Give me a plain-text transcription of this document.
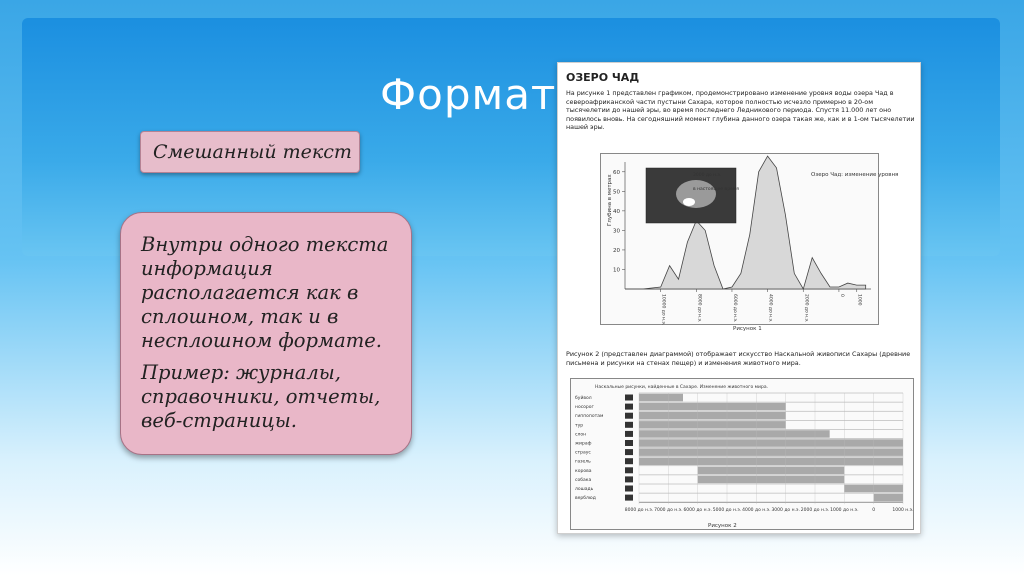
Формат
Смешанный текст

Внутри одного текста информация располагается как в сплошном, так и в несплошном формате.

Пример: журналы, справочники, отчеты, веб-страницы.

ОЗЕРО ЧАД

На рисунке 1 представлен графиком, продемонстрировано изменение уровня воды озера Чад в североафриканской части пустыни Сахара, которое полностью исчезло примерно в 20-ом тысячелетии до нашей эры, во время последнего Ледникового периода. Спустя 11.000 лет оно появилось вновь. На сегодняшний момент глубина данного озера такая же, как и в 1-ом тысячелетии нашей эры.

10
20
30
40
50
60
10000 до н.э.	8000 до н.э.	6000 до н.э.	4000 до н.э.	2000 до н.э.	0	1000
Озеро Чад: изменение уровня
Глубина в метрах	3000 до н.э.
в настоящее время
Рисунок 1

Рисунок 2 (представлен диаграммой) отображает искусство Наскальной живописи Сахары (древние письмена и рисунки на стенах пещер) и изменения животного мира.

Наскальные рисунки, найденные в Сахаре. Изменение животного мира.
буйвол
носорог
гиппопотам
тур
слон
жираф
страус
газель
корова
собака
лошадь
верблюд
8000 до н.э. 7000 до н.э. 6000 до н.э. 5000 до н.э. 4000 до н.э. 3000 до н.э. 2000 до н.э. 1000 до н.э.	0	1000 н.э.
Рисунок 2
